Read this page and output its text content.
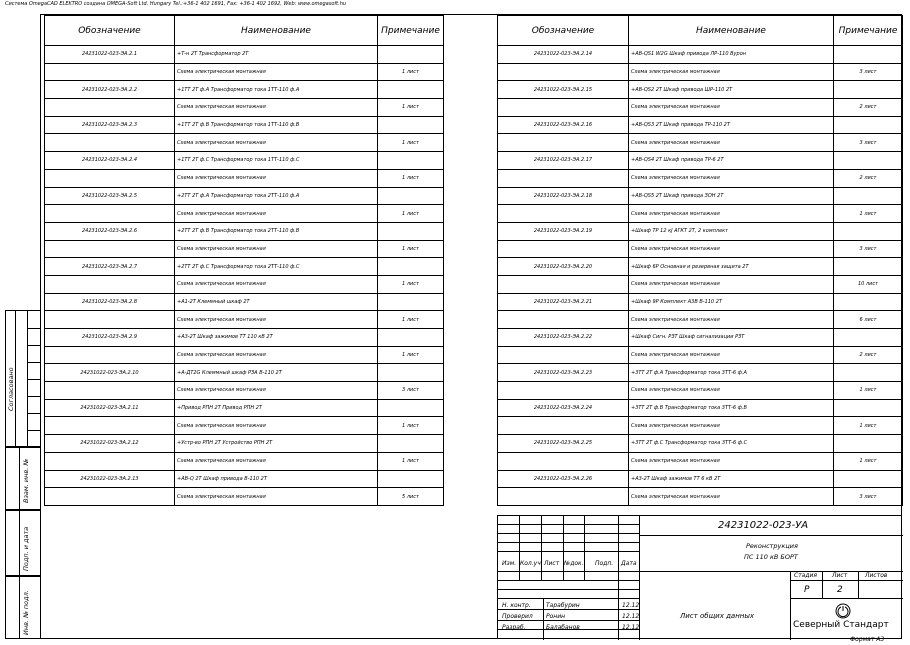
Системa OmegaCAD ELEKTRO создана OMEGA-Soft Ltd. Hungary Tel.:+36-1 402 1691, Fax: +36-1 402 1692, Web: www.omegasoft.hu
Обозначение	Наименование	Примечание
24231022-023-ЭА.2.1	+Т-н 2Т Трансформатор 2Т	
	Схема электрическая монтажная	1 лист
24231022-023-ЭА.2.2	+1ТТ 2Т ф.А Трансформатор тока 1ТТ-110 ф.А	
	Схема электрическая монтажная	1 лист
24231022-023-ЭА.2.3	+1ТТ 2Т ф.В Трансформатор тока 1ТТ-110 ф.В	
	Схема электрическая монтажная	1 лист
24231022-023-ЭА.2.4	+1ТТ 2Т ф.С Трансформатор тока 1ТТ-110 ф.С	
	Схема электрическая монтажная	1 лист
24231022-023-ЭА.2.5	+2ТТ 2Т ф.А Трансформатор тока 2ТТ-110 ф.А	
	Схема электрическая монтажная	1 лист
24231022-023-ЭА.2.6	+2ТТ 2Т ф.В Трансформатор тока 2ТТ-110 ф.В	
	Схема электрическая монтажная	1 лист
24231022-023-ЭА.2.7	+2ТТ 2Т ф.С Трансформатор тока 2ТТ-110 ф.С	
	Схема электрическая монтажная	1 лист
24231022-023-ЭА.2.8	+А1-2Т Клеммный шкаф 2Т	
	Схема электрическая монтажная	1 лист
24231022-023-ЭА.2.9	+А3-2Т Шкаф зажимов ТТ 110 кВ 2Т	
	Схема электрическая монтажная	1 лист
24231022-023-ЭА.2.10	+А-ДТ2G Клеммный шкаф РЗА В-110 2Т	
	Схема электрическая монтажная	3 лист
24231022-023-ЭА.2.11	+Привод РПН 2Т Привод РПН 2Т	
	Схема электрическая монтажная	1 лист
24231022-023-ЭА.2.12	+Устр-во РПН 2Т Устройство РПН 2Т	
	Схема электрическая монтажная	1 лист
24231022-023-ЭА.2.13	+АВ-Q 2Т Шкаф привода В-110 2Т	
	Схема электрическая монтажная	5 лист
Обозначение	Наименование	Примечание
24231022-023-ЭА.2.14	+АВ-QS1 W2G Шкаф привода ЛР-110 Вурон	
	Схема электрическая монтажная	3 лист
24231022-023-ЭА.2.15	+АВ-QS2 2Т Шкаф привода ШР-110 2Т	
	Схема электрическая монтажная	2 лист
24231022-023-ЭА.2.16	+АВ-QS3 2Т Шкаф привода ТР-110 2Т	
	Схема электрическая монтажная	3 лист
24231022-023-ЭА.2.17	+АВ-QS4 2Т Шкаф привода ТР-6 2Т	
	Схема электрическая монтажная	2 лист
24231022-023-ЭА.2.18	+АВ-QS5 2Т Шкаф привода ЗОН 2Т	
	Схема электрическая монтажная	1 лист
24231022-023-ЭА.2.19	+Шкаф ТР 12 кJ АГКТ 2Т, 2 комплект	
	Схема электрическая монтажная	3 лист
24231022-023-ЭА.2.20	+Шкаф 6Р Основная и резервная защита 2Т	
	Схема электрическая монтажная	10 лист
24231022-023-ЭА.2.21	+Шкаф 9Р Комплект А3В В-110 2Т	
	Схема электрическая монтажная	6 лист
24231022-023-ЭА.2.22	+Шкаф Сигн. РЗТ Шкаф сигнализации РЗТ	
	Схема электрическая монтажная	2 лист
24231022-023-ЭА.2.23	+3ТТ 2Т ф.А Трансформатор тока 3ТТ-6 ф.А	
	Схема электрическая монтажная	1 лист
24231022-023-ЭА.2.24	+3ТТ 2Т ф.В Трансформатор тока 3ТТ-6 ф.В	
	Схема электрическая монтажная	1 лист
24231022-023-ЭА.2.25	+3ТТ 2Т ф.С Трансформатор тока 3ТТ-6 ф.С	
	Схема электрическая монтажная	1 лист
24231022-023-ЭА.2.26	+А3-2Т Шкаф зажимов ТТ 6 кВ 2Т	
	Схема электрическая монтажная	3 лист
Согласовано
Взам. инв. №
Подп. и дата
Инв. № подл.
24231022-023-УА
Реконструкция
ПС 110 кВ БОРТ
Изм. Кол.уч Лист №док. Подп. Дата
Н. контр.	Тарабурин	12.12
Проверил Ронин	12.12
Разраб.	Балабанов	12.12
Стадия Лист	Листов
Р	2
Лист общих данных
Северный Стандарт
Формат А3
